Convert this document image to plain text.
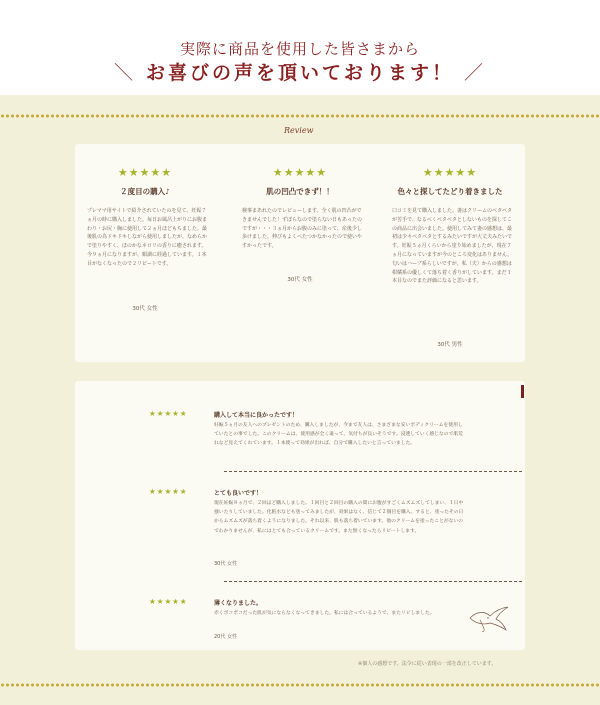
実際に商品を使用した皆さまから
＼ お喜びの声を頂いております！ ／
Review
★★★★★
２度目の購入♪
プレママ用サイトで紹介されていたのを見て、妊娠７ヵ月の時に購入しました。毎日お風呂上がりにお腹まわり・お尻・胸に使用して２ヵ月ほどもちました。最後肌の為ドキドキしながら使用しましたが、なめらかで塗りやすく、ほのかなネロリの香りに癒されます。今９ヵ月になりますが、順調に経過しています。１本目がなくなったので２リピートです。
30代 女性
★★★★★
肌の凹凸できず！！
検事まあれたのでレビューします。全く肌の凹凸ができませんでした！ずぼらなので塗らない日もあったのですが・・・３ヵ月からお腹のみに塗って、産後少し歩けました。伸びもよくべたつかなかったので使いやすかったです。
30代 女性
★★★★★
色々と探してたどり着きました
口コミを見て購入しました。妻はクリームのベタベタが苦手で、なるべくベタベタとしないものを探してこの商品に出会いました。使用してみて妻の感想は、最初は少々ベタベタとするみたいですが大丈夫みたいです。妊娠５ヵ月くらいから塗り始めましたが、現在７ヵ月になっていますが今のところ変化はありません。匂いはハーブ系らしいですが、私（夫）からの感想は柑橘系の優しくて落ち着く香りがしています。まだ１本目なのでまた評価になると思います。
30代 男性
★★★★★	購入して本当に良かったです！
妊娠５ヵ月の友人へのプレゼントのため、購入しましたが、今まで友人は、さまざまな安いボディクリームを使用していたとの事でした。このクリームは、使用感が全く違って、気付ちが良いそうです。浸透していく感じなので肌荒れなど見えてくれています。１本使って効果が出れば、自分で購入したいと言っていました。
★★★★★	とても良いです！
現在妊娠８ヵ月で、２回ほど購入しました。１回目と２回目の購入の間にお腹がすごくムズムズしてしまい、１日中掻いたりしていました。化粧水なども塗ってみましたが、効果はなく、信じて２個目を購入。すると、塗ったその日からムズムズが落ち着くようになりました。それ以来、肌も落ち着いています。他のクリームを塗ったことがないのでわかりませんが、私にはとても合っているクリームです。また無くなったらリピートします。
30代 女性
★★★★★	薄くなりました。
赤くポコポコだった肌が気にならなくなってきました。私には合っているようで、またリピしました。
20代 女性
※個人の感想です。法令に従い表現の一部を改正しています。
